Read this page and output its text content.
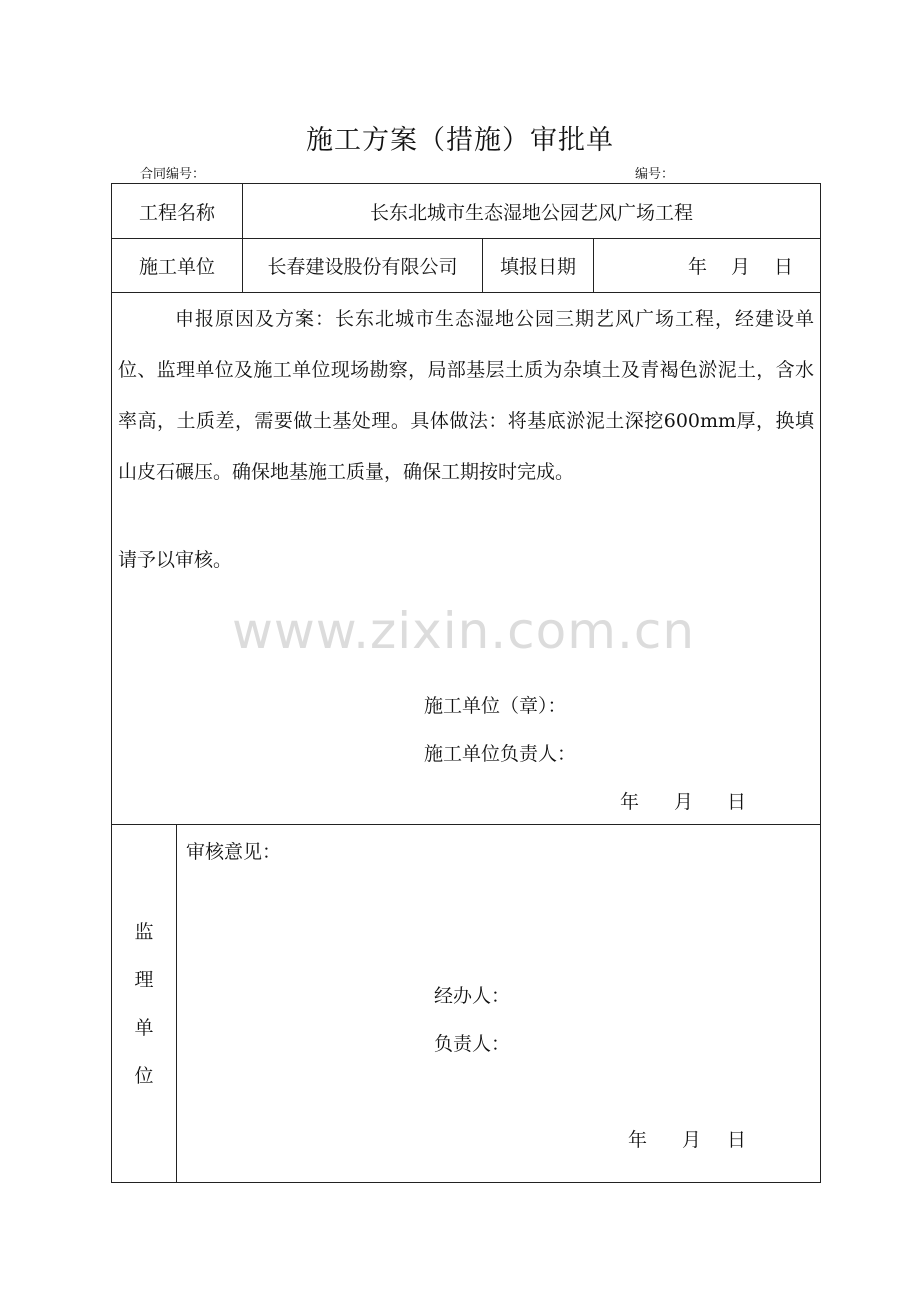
施工方案（措施）审批单
合同编号：	编号：
工程名称	长东北城市生态湿地公园艺风广场工程
施工单位	长春建设股份有限公司	填报日期	年 月 日
申报原因及方案：长东北城市生态湿地公园三期艺风广场工程，经建设单位、监理单位及施工单位现场勘察，局部基层土质为杂填土及青褐色淤泥土，含水率高，土质差，需要做土基处理。具体做法：将基底淤泥土深挖600mm厚，换填山皮石碾压。确保地基施工质量，确保工期按时完成。
请予以审核。
www.zixin.com.cn
施工单位（章）：
施工单位负责人：
年 月 日
监
理
单
位
审核意见：
经办人：
负责人：
年 月 日
